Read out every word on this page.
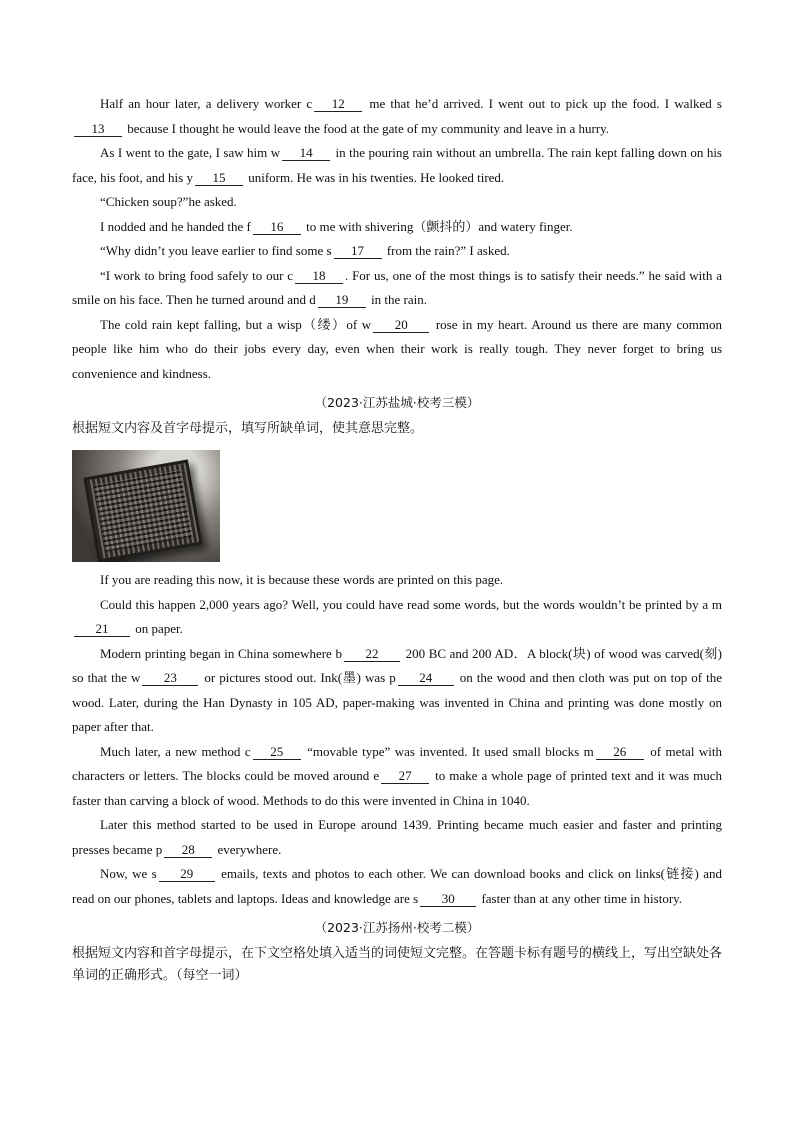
Half an hour later, a delivery worker c 12 me that he’d arrived. I went out to pick up the food. I walked s13 because I thought he would leave the food at the gate of my community and leave in a hurry.

As I went to the gate, I saw him w 14 in the pouring rain without an umbrella. The rain kept falling down on his face, his foot, and his y 15 uniform. He was in his twenties. He looked tired.

“Chicken soup?”he asked.

I nodded and he handed the f 16 to me with shivering（颤抖的）and watery finger.

“Why didn’t you leave earlier to find some s 17 from the rain?” I asked.

“I work to bring food safely to our c 18 . For us, one of the most things is to satisfy their needs.” he said with a smile on his face. Then he turned around and d 19 in the rain.

The cold rain kept falling, but a wisp（缕）of w 20 rose in my heart. Around us there are many common people like him who do their jobs every day, even when their work is really tough. They never forget to bring us convenience and kindness.

（2023·江苏盐城·校考三模）

根据短文内容及首字母提示，填写所缺单词，使其意思完整。

If you are reading this now, it is because these words are printed on this page.

Could this happen 2,000 years ago? Well, you could have read some words, but the words wouldn’t be printed by a m21 on paper.

Modern printing began in China somewhere b 22 200 BC and 200 AD．A block(块) of wood was carved(刻) so that the w 23 or pictures stood out. Ink(墨) was p 24 on the wood and then cloth was put on top of the wood. Later, during the Han Dynasty in 105 AD, paper-making was invented in China and printing was done mostly on paper after that.

Much later, a new method c 25 “movable type” was invented. It used small blocks m 26 of metal with characters or letters. The blocks could be moved around e 27 to make a whole page of printed text and it was much faster than carving a block of wood. Methods to do this were invented in China in 1040.

Later this method started to be used in Europe around 1439. Printing became much easier and faster and printing presses became p 28 everywhere.

Now, we s 29 emails, texts and photos to each other. We can download books and click on links(链接) and read on our phones, tablets and laptops. Ideas and knowledge are s 30 faster than at any other time in history.

（2023·江苏扬州·校考二模）

根据短文内容和首字母提示，在下文空格处填入适当的词使短文完整。在答题卡标有题号的横线上，写出空缺处各单词的正确形式。（每空一词）
